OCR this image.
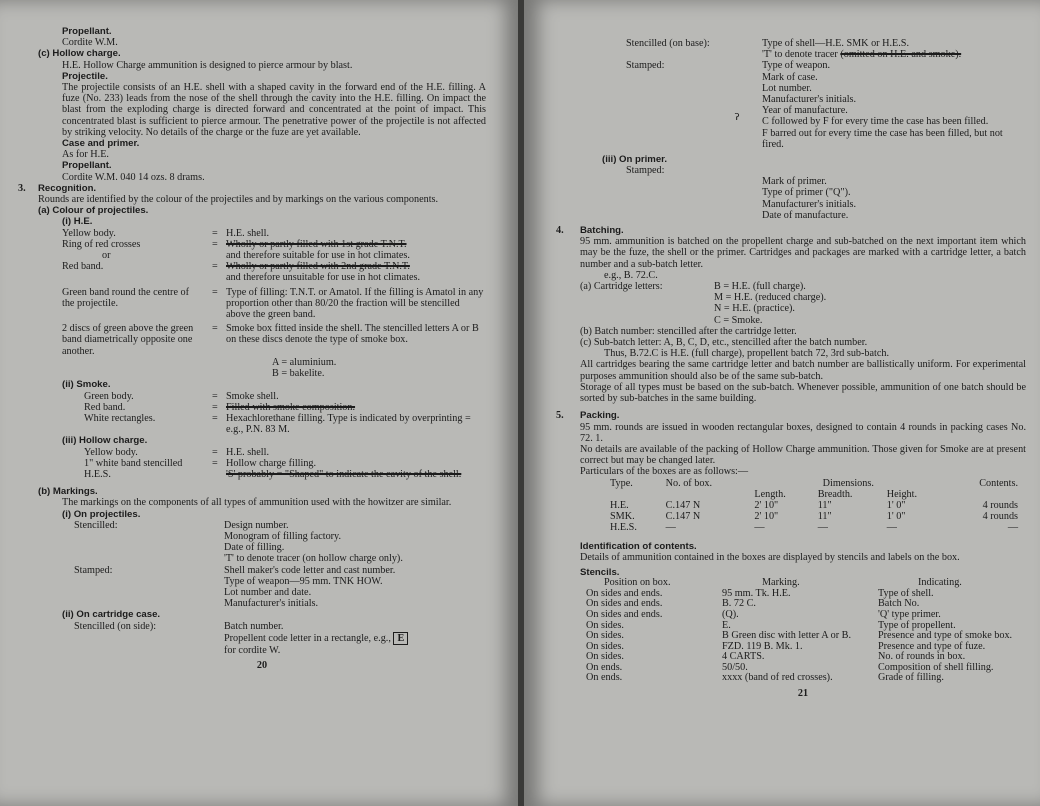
Propellant.

Cordite W.M.

(c) Hollow charge.

H.E. Hollow Charge ammunition is designed to pierce armour by blast.

Projectile.

The projectile consists of an H.E. shell with a shaped cavity in the forward end of the H.E. filling. A fuze (No. 233) leads from the nose of the shell through the cavity into the H.E. filling. On impact the blast from the exploding charge is directed forward and concentrated at the point of impact. This concentrated blast is sufficient to pierce armour. The penetrative power of the projectile is not affected by striking velocity. No details of the charge or the fuze are yet available.

Case and primer.

As for H.E.

Propellant.

Cordite W.M. 040 14 ozs. 8 drams.

3. Recognition.

Rounds are identified by the colour of the projectiles and by markings on the various components.

(a) Colour of projectiles.

(i) H.E.

Yellow body.	= H.E. shell.
Ring of red crosses	= Wholly or partly filled with 1st grade T.N.T.
or	and therefore suitable for use in hot climates.
Red band.	= Wholly or partly filled with 2nd grade T.N.T.
and therefore unsuitable for use in hot climates.
Green band round the centre of the projectile.
= Type of filling: T.N.T. or Amatol. If the filling is Amatol in any proportion other than 80/20 the fraction will be stencilled above the green band.
2 discs of green above the green band diametrically opposite one another.
= Smoke box fitted inside the shell. The stencilled letters A or B on these discs denote the type of smoke box.

A = aluminium.

B = bakelite.

(ii) Smoke.

Green body.	= Smoke shell.
Red band.	= Filled with smoke composition.
White rectangles.	= Hexachlorethane filling. Type is indicated by overprinting = e.g., P.N. 83 M.

(iii) Hollow charge.

Yellow body.	= H.E. shell.
1" white band stencilled H.E.S.
= Hollow charge filling.
'S' probably = "Shaped" to indicate the cavity of the shell.

(b) Markings.

The markings on the components of all types of ammunition used with the howitzer are similar.

(i) On projectiles.

Stencilled:	Design number.
Monogram of filling factory.
Date of filling.
'T' to denote tracer (on hollow charge only).
Stamped:	Shell maker's code letter and cast number.
Type of weapon—95 mm. TNK HOW.
Lot number and date.
Manufacturer's initials.

(ii) On cartridge case.

Stencilled (on side):	Batch number.
Propellent code letter in a rectangle, e.g., E
for cordite W.

20

Stencilled (on base):	Type of shell—H.E. SMK or H.E.S.
'T' to denote tracer (omitted on H.E. and smoke).
Stamped:	Type of weapon.
Mark of case.
Lot number.
Manufacturer's initials.
Year of manufacture.
ˀ C followed by F for every time the case has been filled.
F barred out for every time the case has been filled, but not fired.

(iii) On primer.

Stamped:
Mark of primer.
Type of primer ("Q").
Manufacturer's initials.
Date of manufacture.
4. Batching.

95 mm. ammunition is batched on the propellent charge and sub-batched on the next important item which may be the fuze, the shell or the primer. Cartridges and packages are marked with a cartridge letter, a batch number and a sub-batch letter.

e.g., B. 72.C.

(a) Cartridge letters:	B = H.E. (full charge).
M = H.E. (reduced charge).
N = H.E. (practice).
C = Smoke.

(b) Batch number: stencilled after the cartridge letter.

(c) Sub-batch letter: A, B, C, D, etc., stencilled after the batch number.

Thus, B.72.C is H.E. (full charge), propellent batch 72, 3rd sub-batch.

All cartridges bearing the same cartridge letter and batch number are ballistically uniform. For experimental purposes ammunition should also be of the same sub-batch.

Storage of all types must be based on the sub-batch. Whenever possible, ammunition of one batch should be sorted by sub-batches in the same building.

5. Packing.

95 mm. rounds are issued in wooden rectangular boxes, designed to contain 4 rounds in packing cases No. 72. 1.

No details are available of the packing of Hollow Charge ammunition. Those given for Smoke are at present correct but may be changed later.

Particulars of the boxes are as follows:—

Type.	No. of box.	Dimensions.			Contents.
		Length.	Breadth.	Height.	
H.E.	C.147 N	2' 10"	11"	1' 0"	4 rounds
SMK.	C.147 N	2' 10"	11"	1' 0"	4 rounds
H.E.S.	—	—	—	—	—

Identification of contents.

Details of ammunition contained in the boxes are displayed by stencils and labels on the box.

Stencils.

Position on box.	Marking.	Indicating.
On sides and ends.	95 mm. Tk. H.E.	Type of shell.
On sides and ends.	B. 72 C.	Batch No.
On sides and ends.	(Q).	'Q' type primer.
On sides.	E.	Type of propellent.
On sides.	B Green disc with letter A or B.	Presence and type of smoke box.
On sides.	FZD. 119 B. Mk. 1.	Presence and type of fuze.
On sides.	4 CARTS.	No. of rounds in box.
On ends.	50/50.	Composition of shell filling.
On ends.	xxxx (band of red crosses).	Grade of filling.

21
